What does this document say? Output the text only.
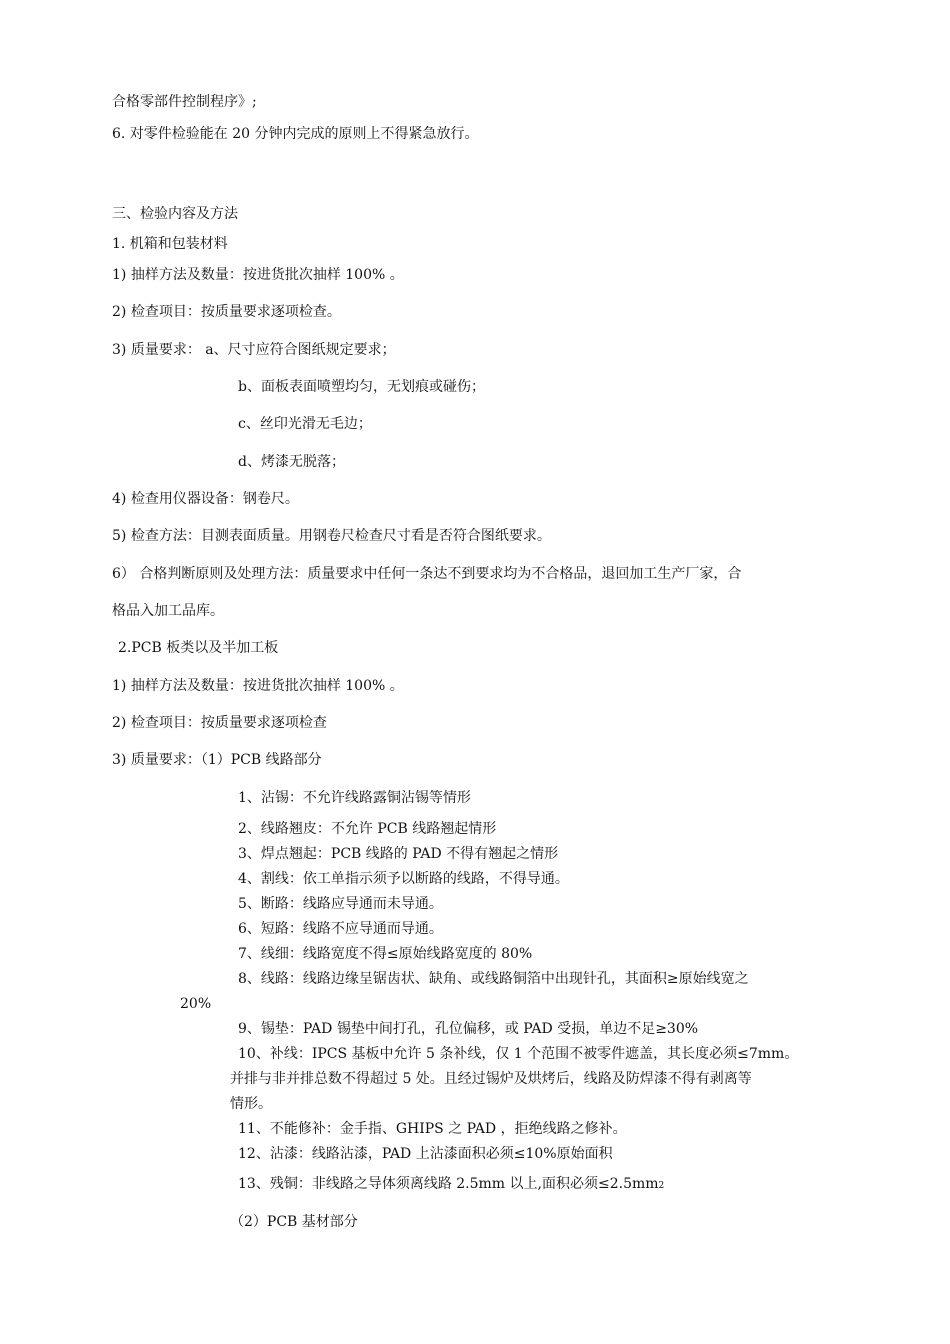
合格零部件控制程序》;
6. 对零件检验能在 20 分钟内完成的原则上不得紧急放行。
三、检验内容及方法
1. 机箱和包装材料
1) 抽样方法及数量：按进货批次抽样 100% 。
2) 检查项目：按质量要求逐项检查。
3) 质量要求： a、尺寸应符合图纸规定要求；
b、面板表面喷塑均匀，无划痕或碰伤；
c、丝印光滑无毛边；
d、烤漆无脱落；
4) 检查用仪器设备：钢卷尺。
5) 检查方法：目测表面质量。用钢卷尺检查尺寸看是否符合图纸要求。
6） 合格判断原则及处理方法：质量要求中任何一条达不到要求均为不合格品，退回加工生产厂家，合
格品入加工品库。
2.PCB 板类以及半加工板
1) 抽样方法及数量：按进货批次抽样 100% 。
2) 检查项目：按质量要求逐项检查
3) 质量要求：（1）PCB 线路部分
1、沾锡：不允许线路露铜沾锡等情形
2、线路翘皮：不允许 PCB 线路翘起情形
3、焊点翘起：PCB 线路的 PAD 不得有翘起之情形
4、割线：依工单指示须予以断路的线路，不得导通。
5、断路：线路应导通而未导通。
6、短路：线路不应导通而导通。
7、线细：线路宽度不得≤原始线路宽度的 80%
8、线路：线路边缘呈锯齿状、缺角、或线路铜箔中出现针孔，其面积≥原始线宽之
20%
9、锡垫：PAD 锡垫中间打孔，孔位偏移，或 PAD 受损，单边不足≥30%
10、补线：IPCS 基板中允许 5 条补线，仅 1 个范围不被零件遮盖，其长度必须≤7mm。
并排与非并排总数不得超过 5 处。且经过锡炉及烘烤后，线路及防焊漆不得有剥离等
情形。
11、不能修补：金手指、GHIPS 之 PAD ，拒绝线路之修补。
12、沾漆：线路沾漆，PAD 上沾漆面积必须≤10%原始面积
13、残铜：非线路之导体须离线路 2.5mm 以上,面积必须≤2.5mm2
（2）PCB 基材部分
